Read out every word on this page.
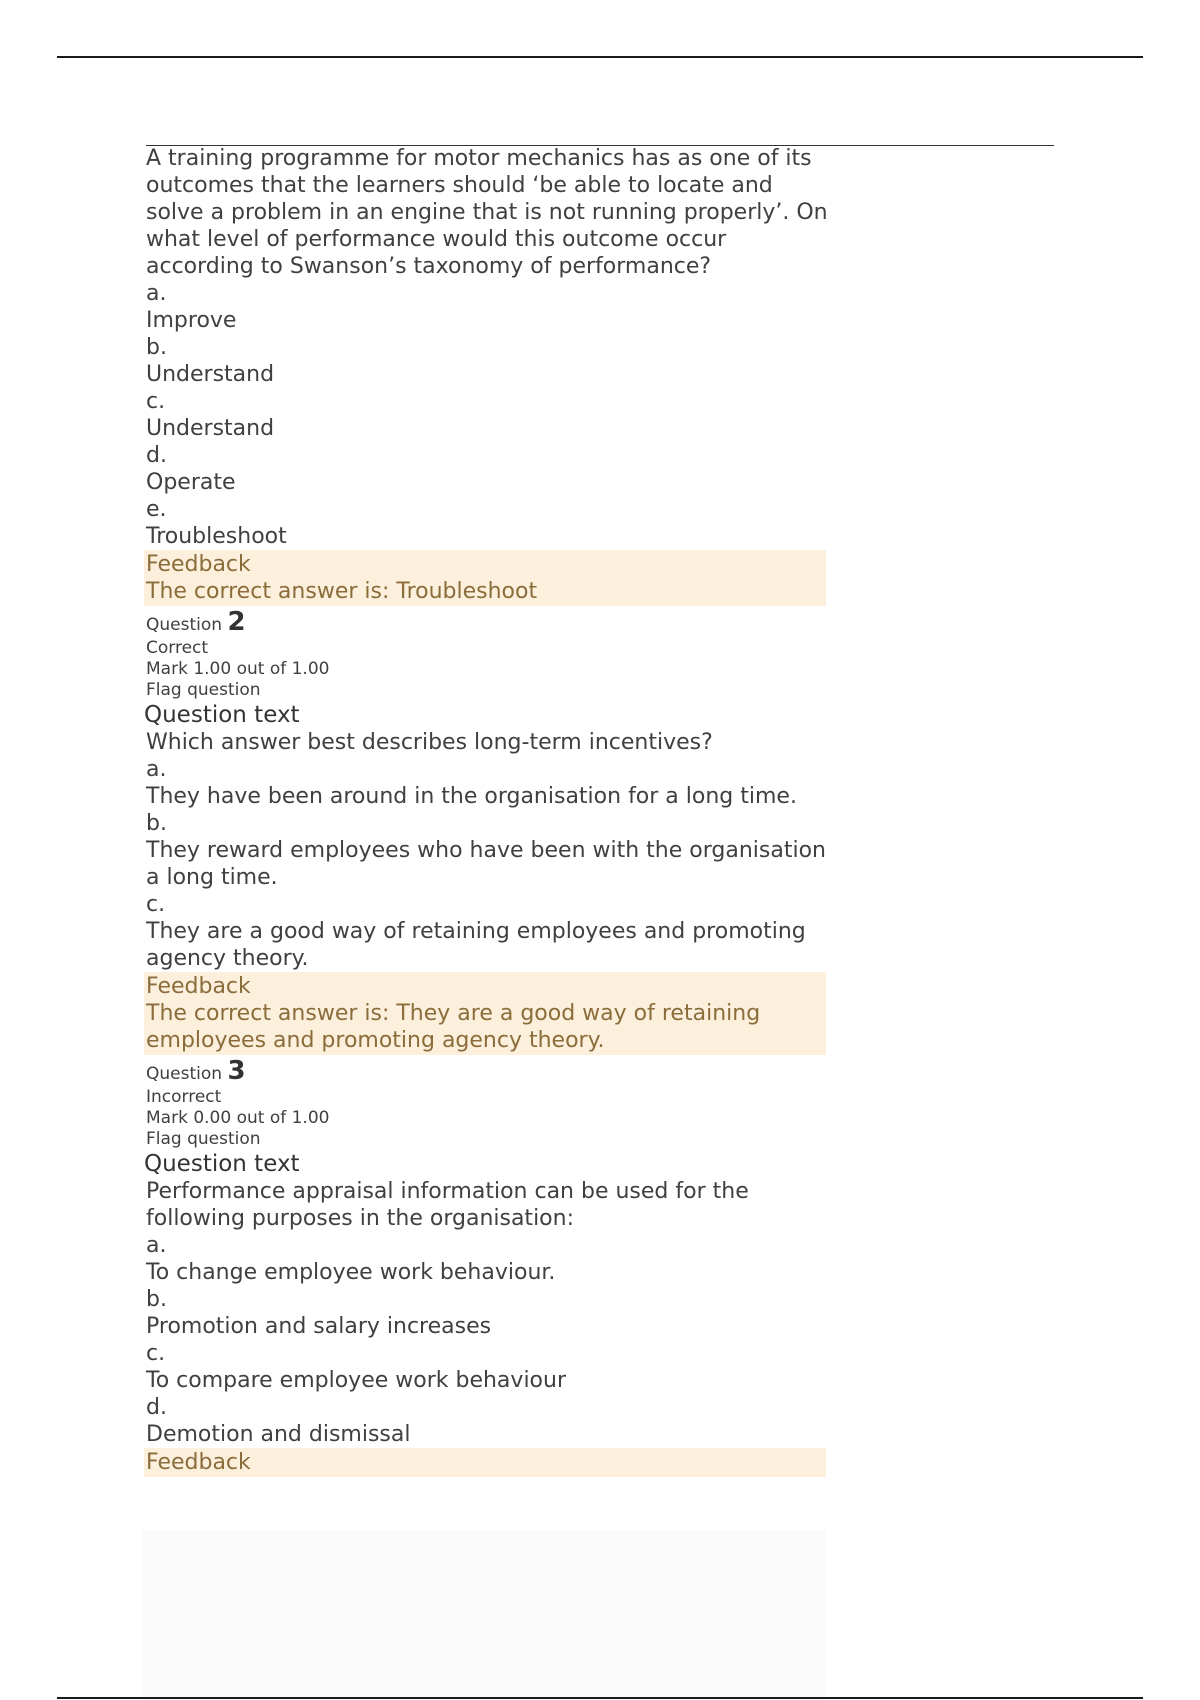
A training programme for motor mechanics has as one of its outcomes that the learners should ‘be able to locate and solve a problem in an engine that is not running properly’. On what level of performance would this outcome occur according to Swanson’s taxonomy of performance?

a.
Improve
b.
Understand
c.
Understand
d.
Operate
e.
Troubleshoot
Feedback
The correct answer is: Troubleshoot
Question 2
Correct
Mark 1.00 out of 1.00
Flag question
Question text

Which answer best describes long-term incentives?

a.
They have been around in the organisation for a long time.
b.
They reward employees who have been with the organisation a long time.
c.
They are a good way of retaining employees and promoting agency theory.
Feedback
The correct answer is: They are a good way of retaining employees and promoting agency theory.
Question 3
Incorrect
Mark 0.00 out of 1.00
Flag question
Question text

Performance appraisal information can be used for the following purposes in the organisation:

a.
To change employee work behaviour.
b.
Promotion and salary increases
c.
To compare employee work behaviour
d.
Demotion and dismissal
Feedback
